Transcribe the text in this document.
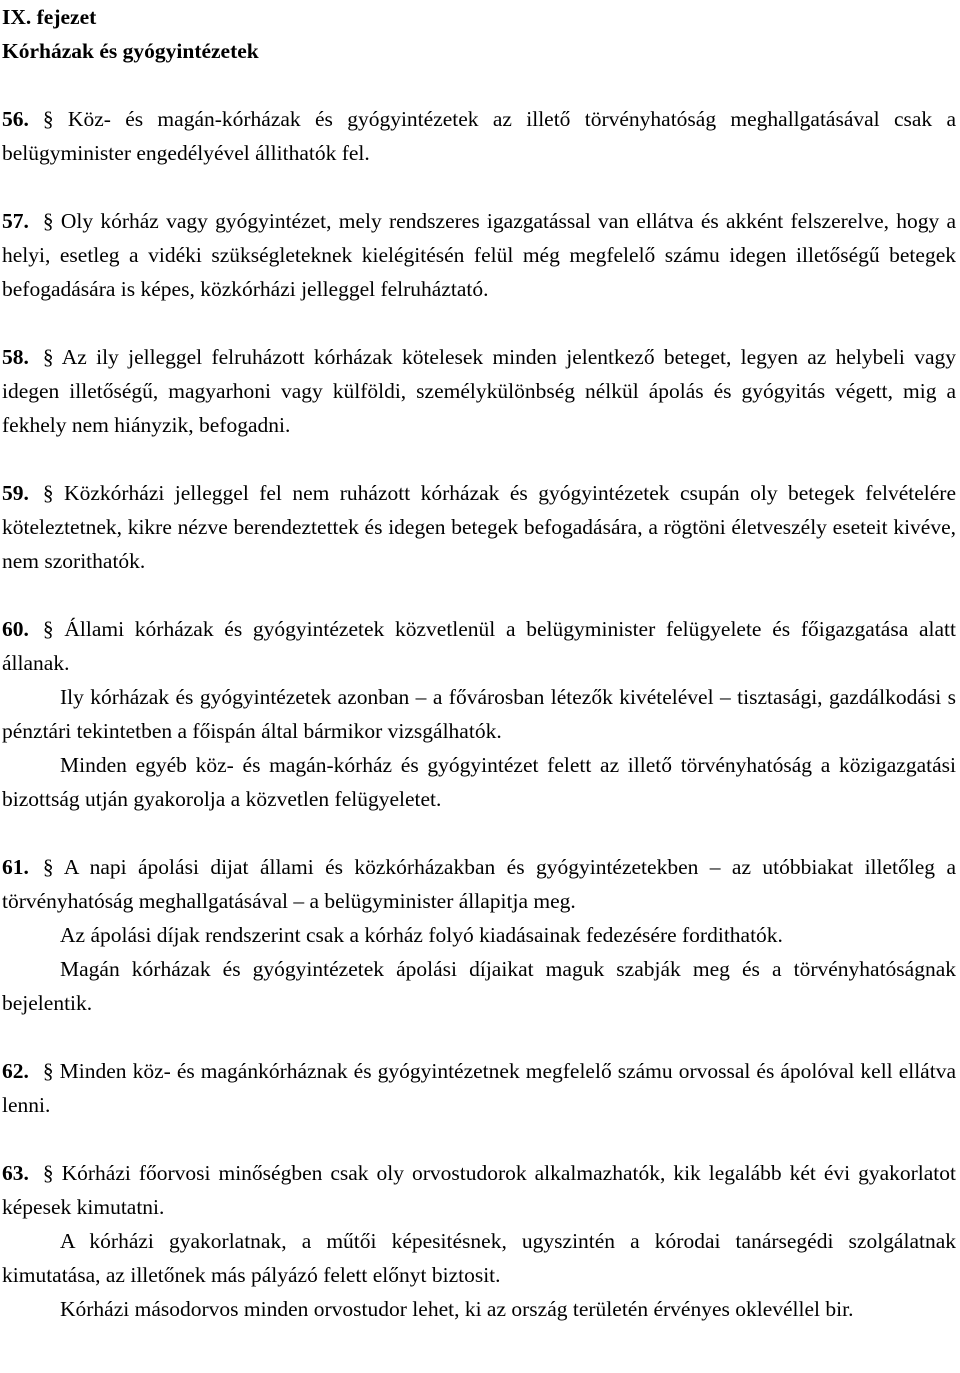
IX. fejezet
Kórházak és gyógyintézetek

56. § Köz- és magán-kórházak és gyógyintézetek az illető törvényhatóság meghallgatásával csak a belügyminister engedélyével állithatók fel.

57. § Oly kórház vagy gyógyintézet, mely rendszeres igazgatással van ellátva és akként felszerelve, hogy a helyi, esetleg a vidéki szükségleteknek kielégitésén felül még megfelelő számu idegen illetőségű betegek befogadására is képes, közkórházi jelleggel felruháztató.

58. § Az ily jelleggel felruházott kórházak kötelesek minden jelentkező beteget, legyen az helybeli vagy idegen illetőségű, magyarhoni vagy külföldi, személykülönbség nélkül ápolás és gyógyitás végett, mig a fekhely nem hiányzik, befogadni.

59. § Közkórházi jelleggel fel nem ruházott kórházak és gyógyintézetek csupán oly betegek felvételére köteleztetnek, kikre nézve berendeztettek és idegen betegek befogadására, a rögtöni életveszély eseteit kivéve, nem szorithatók.

60. § Állami kórházak és gyógyintézetek közvetlenül a belügyminister felügyelete és főigazgatása alatt állanak.

Ily kórházak és gyógyintézetek azonban – a fővárosban létezők kivételével – tisztasági, gazdálkodási s pénztári tekintetben a főispán által bármikor vizsgálhatók.

Minden egyéb köz- és magán-kórház és gyógyintézet felett az illető törvényhatóság a közigazgatási bizottság utján gyakorolja a közvetlen felügyeletet.

61. § A napi ápolási dijat állami és közkórházakban és gyógyintézetekben – az utóbbiakat illetőleg a törvényhatóság meghallgatásával – a belügyminister állapitja meg.

Az ápolási díjak rendszerint csak a kórház folyó kiadásainak fedezésére fordithatók.

Magán kórházak és gyógyintézetek ápolási díjaikat maguk szabják meg és a törvényhatóságnak bejelentik.

62. § Minden köz- és magánkórháznak és gyógyintézetnek megfelelő számu orvossal és ápolóval kell ellátva lenni.

63. § Kórházi főorvosi minőségben csak oly orvostudorok alkalmazhatók, kik legalább két évi gyakorlatot képesek kimutatni.

A kórházi gyakorlatnak, a műtői képesitésnek, ugyszintén a kórodai tanársegédi szolgálatnak kimutatása, az illetőnek más pályázó felett előnyt biztosit.

Kórházi másodorvos minden orvostudor lehet, ki az ország területén érvényes oklevéllel bir.
